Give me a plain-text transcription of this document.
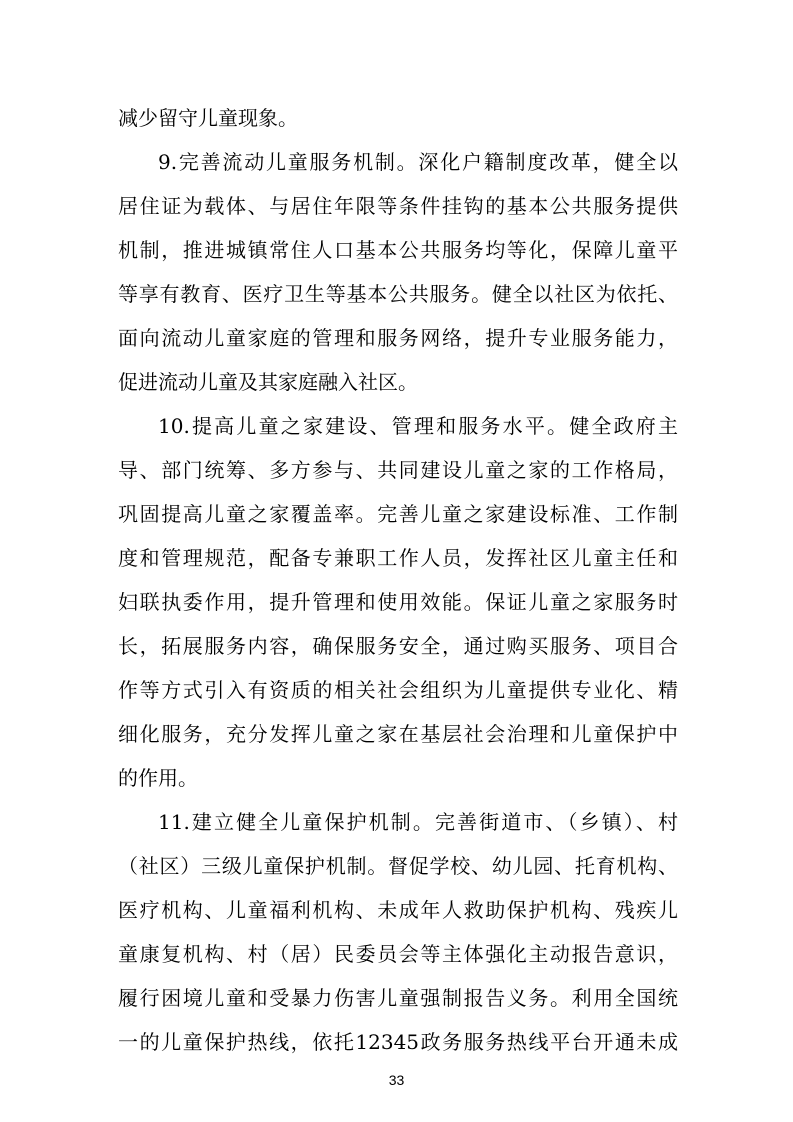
减少留守儿童现象。
9.完善流动儿童服务机制。深化户籍制度改革，健全以
居住证为载体、与居住年限等条件挂钩的基本公共服务提供
机制，推进城镇常住人口基本公共服务均等化，保障儿童平
等享有教育、医疗卫生等基本公共服务。健全以社区为依托、
面向流动儿童家庭的管理和服务网络，提升专业服务能力，
促进流动儿童及其家庭融入社区。
10.提高儿童之家建设、管理和服务水平。健全政府主
导、部门统筹、多方参与、共同建设儿童之家的工作格局，
巩固提高儿童之家覆盖率。完善儿童之家建设标准、工作制
度和管理规范，配备专兼职工作人员，发挥社区儿童主任和
妇联执委作用，提升管理和使用效能。保证儿童之家服务时
长，拓展服务内容，确保服务安全，通过购买服务、项目合
作等方式引入有资质的相关社会组织为儿童提供专业化、精
细化服务，充分发挥儿童之家在基层社会治理和儿童保护中
的作用。
11.建立健全儿童保护机制。完善街道市、（乡镇）、村
（社区）三级儿童保护机制。督促学校、幼儿园、托育机构、
医疗机构、儿童福利机构、未成年人救助保护机构、残疾儿
童康复机构、村（居）民委员会等主体强化主动报告意识，
履行困境儿童和受暴力伤害儿童强制报告义务。利用全国统
一的儿童保护热线，依托12345政务服务热线平台开通未成
33
